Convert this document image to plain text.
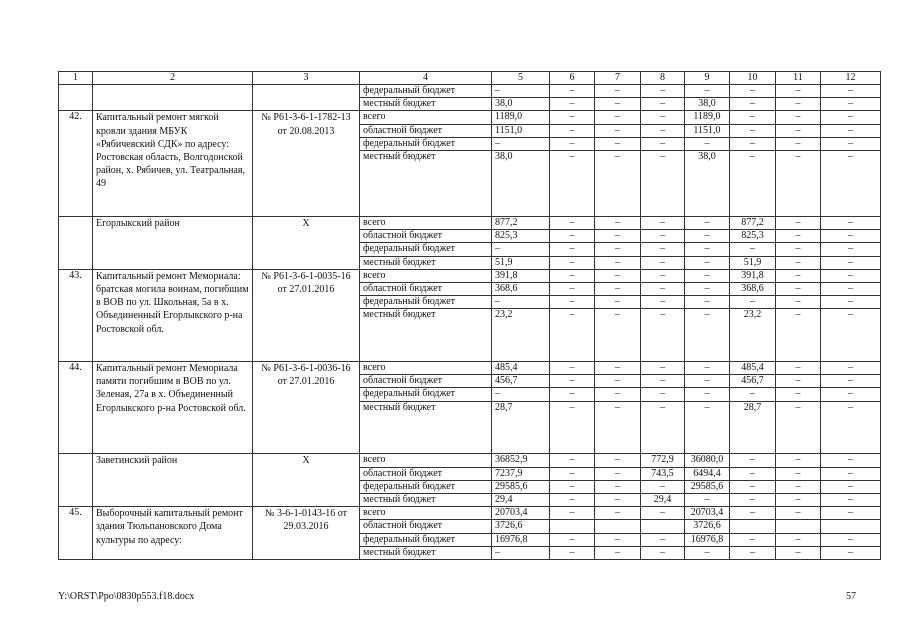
1	2	3	4	5	6	7	8	9	10	11	12
			федеральный бюджет	–	–	–	–	–	–	–	–
			местный бюджет	38,0	–	–	–	38,0	–	–	–
42.	Капитальный ремонт мягкой кровли здания МБУК «Рябичевский СДК» по адресу: Ростовская область, Волгодонской район, х. Рябичев, ул. Театральная, 49	№ Р61-3-6-1-1782-13 от 20.08.2013	всего	1189,0	–	–	–	1189,0	–	–	–
			областной бюджет	1151,0	–	–	–	1151,0	–	–	–
			федеральный бюджет	–	–	–	–	–	–	–	–
			местный бюджет	38,0	–	–	–	38,0	–	–	–
	Егорлыкский район	Х	всего	877,2	–	–	–	–	877,2	–	–
			областной бюджет	825,3	–	–	–	–	825,3	–	–
			федеральный бюджет	–	–	–	–	–	–	–	–
			местный бюджет	51,9	–	–	–	–	51,9	–	–
43.	Капитальный ремонт Мемориала: братская могила воинам, погибшим в ВОВ по ул. Школьная, 5а в х. Объединенный Егорлыкского р-на Ростовской обл.	№ Р61-3-6-1-0035-16 от 27.01.2016	всего	391,8	–	–	–	–	391,8	–	–
			областной бюджет	368,6	–	–	–	–	368,6	–	–
			федеральный бюджет	–	–	–	–	–	–	–	–
			местный бюджет	23,2	–	–	–	–	23,2	–	–
44.	Капитальный ремонт Мемориала памяти погибшим в ВОВ по ул. Зеленая, 27а в х. Объединенный Егорлыкского р-на Ростовской обл.	№ Р61-3-6-1-0036-16 от 27.01.2016	всего	485,4	–	–	–	–	485,4	–	–
			областной бюджет	456,7	–	–	–	–	456,7	–	–
			федеральный бюджет	–	–	–	–	–	–	–	–
			местный бюджет	28,7	–	–	–	–	28,7	–	–
	Заветинский район	Х	всего	36852,9	–	–	772,9	36080,0	–	–	–
			областной бюджет	7237,9	–	–	743,5	6494,4	–	–	–
			федеральный бюджет	29585,6	–	–	–	29585,6	–	–	–
			местный бюджет	29,4	–	–	29,4	–	–	–	–
45.	Выборочный капитальный ремонт здания Тюльпановского Дома культуры по адресу:	№ 3-6-1-0143-16 от 29.03.2016	всего	20703,4	–	–	–	20703,4	–	–	–
			областной бюджет	3726,6				3726,6			
			федеральный бюджет	16976,8	–	–	–	16976,8	–	–	–
			местный бюджет	–	–	–	–	–	–	–	–
Y:\ORST\Ppo\0830p553.f18.docx	57
